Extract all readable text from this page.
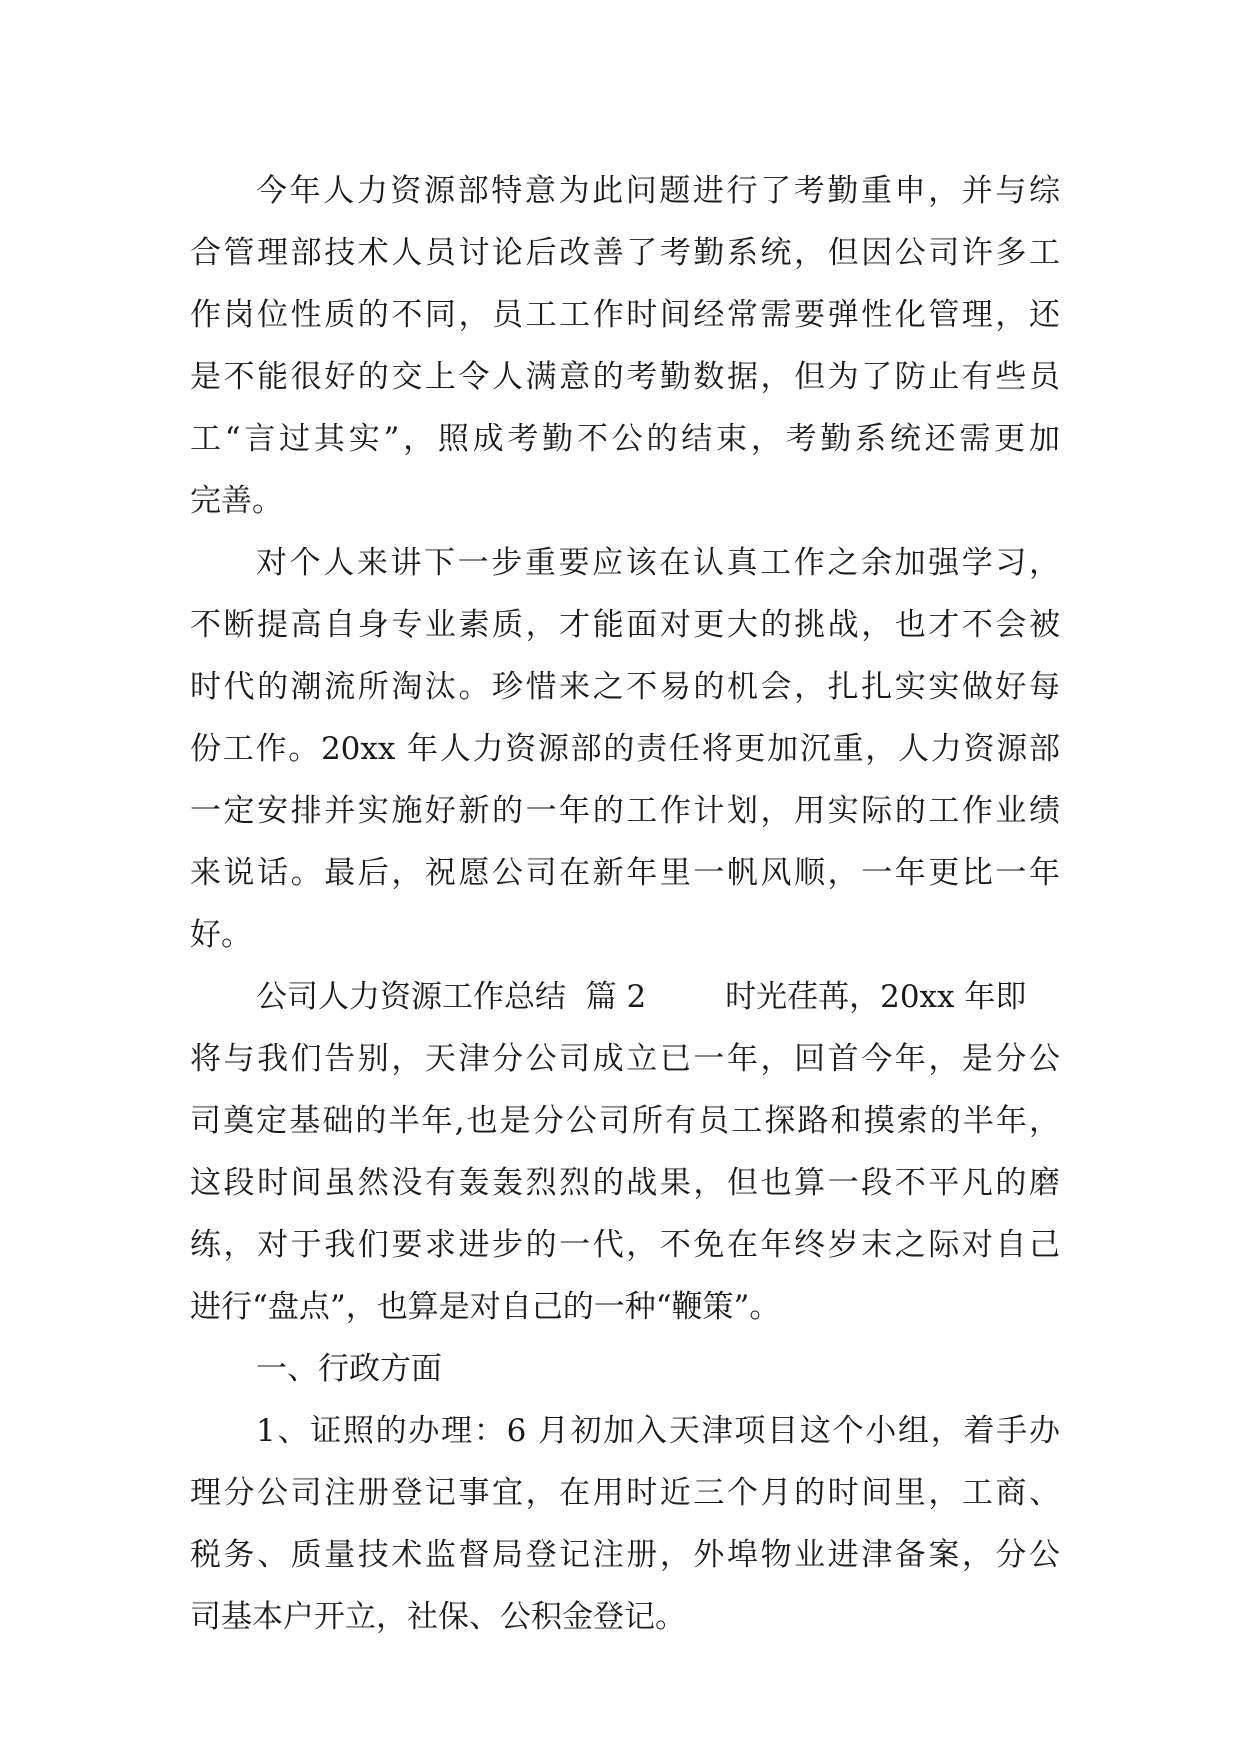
今年人力资源部特意为此问题进行了考勤重申，并与综
合管理部技术人员讨论后改善了考勤系统，但因公司许多工
作岗位性质的不同，员工工作时间经常需要弹性化管理，还
是不能很好的交上令人满意的考勤数据，但为了防止有些员
工“言过其实”，照成考勤不公的结束，考勤系统还需更加
完善。
对个人来讲下一步重要应该在认真工作之余加强学习，
不断提高自身专业素质，才能面对更大的挑战，也才不会被
时代的潮流所淘汰。珍惜来之不易的机会，扎扎实实做好每
份工作。20xx 年人力资源部的责任将更加沉重，人力资源部
一定安排并实施好新的一年的工作计划，用实际的工作业绩
来说话。最后，祝愿公司在新年里一帆风顺，一年更比一年
好。
公司人力资源工作总结  篇 2        时光荏苒，20xx 年即
将与我们告别，天津分公司成立已一年，回首今年，是分公
司奠定基础的半年,也是分公司所有员工探路和摸索的半年，
这段时间虽然没有轰轰烈烈的战果，但也算一段不平凡的磨
练，对于我们要求进步的一代，不免在年终岁末之际对自己
进行“盘点”，也算是对自己的一种“鞭策”。
一、行政方面
1、证照的办理：6 月初加入天津项目这个小组，着手办
理分公司注册登记事宜，在用时近三个月的时间里，工商、
税务、质量技术监督局登记注册，外埠物业进津备案，分公
司基本户开立，社保、公积金登记。
